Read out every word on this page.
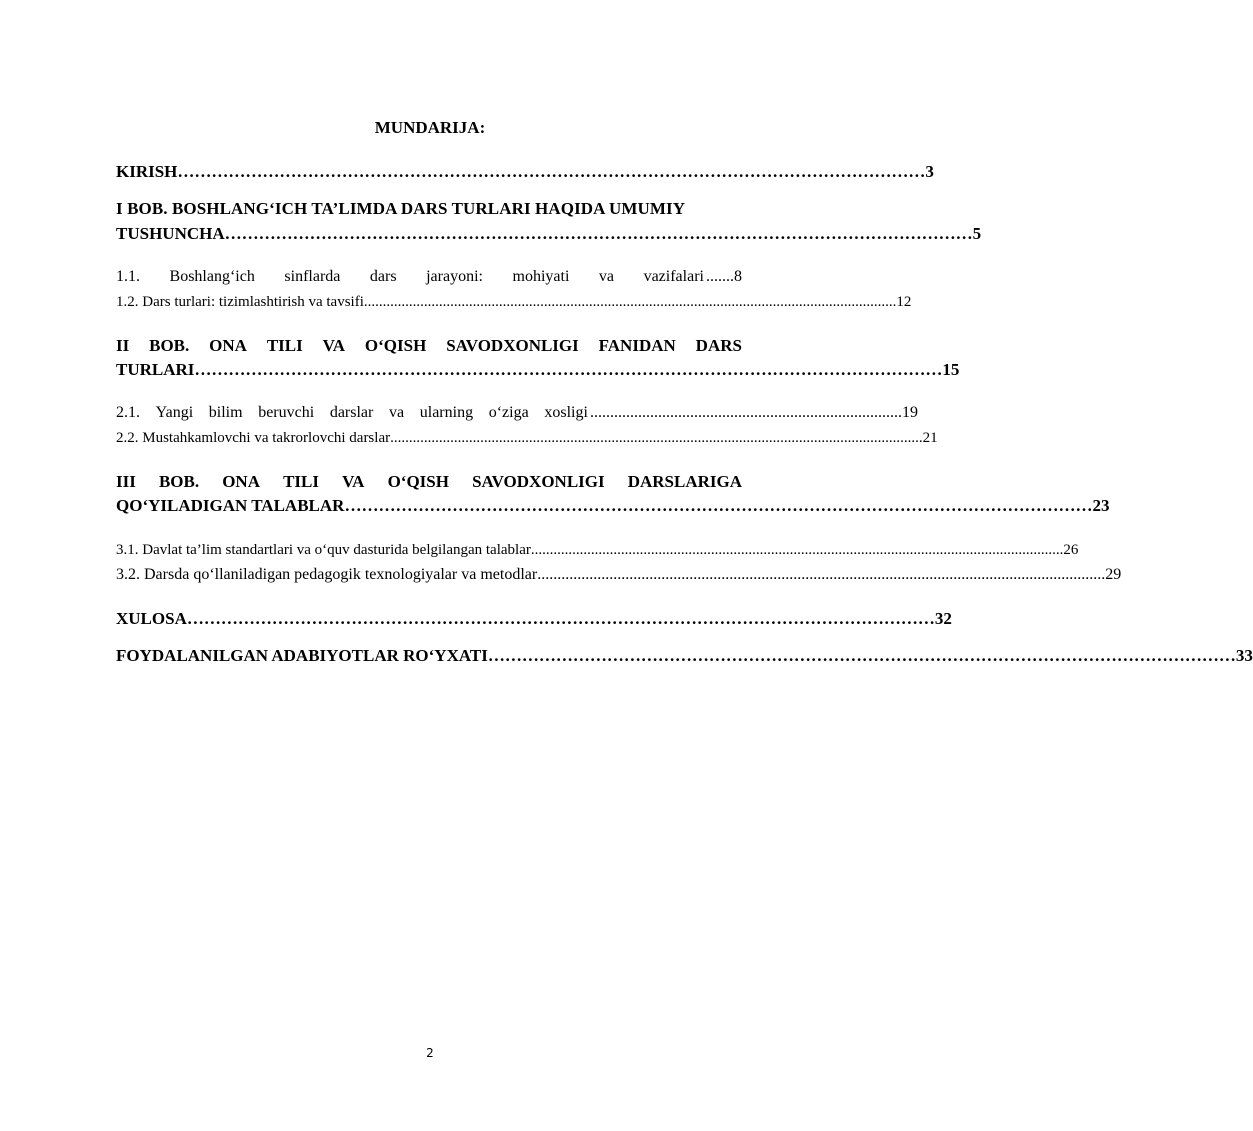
MUNDARIJA:
KIRISH …………………………………………………………………………………………………………………… 3
I BOB. BOSHLANG‘ICH TA’LIMDA DARS TURLARI HAQIDA UMUMIY
TUSHUNCHA …………………………………………………………………………………………………………………… 5
1.1. Boshlang‘ich sinflarda dars jarayoni: mohiyati va vazifalari ....... 8
1.2. Dars turlari: tizimlashtirish va tavsifi .............................................................................................................................................. 12
II BOB. ONA TILI VA O‘QISH SAVODXONLIGI FANIDAN DARS
TURLARI …………………………………………………………………………………………………………………… 15
2.1. Yangi bilim beruvchi darslar va ularning o‘ziga xosligi .............................................................................. 19
2.2. Mustahkamlovchi va takrorlovchi darslar .............................................................................................................................................. 21
III BOB. ONA TILI VA O‘QISH SAVODXONLIGI DARSLARIGA
QO‘YILADIGAN TALABLAR …………………………………………………………………………………………………………………… 23
3.1. Davlat ta’lim standartlari va o‘quv dasturida belgilangan talablar .............................................................................................................................................. 26
3.2. Darsda qo‘llaniladigan pedagogik texnologiyalar va metodlar .............................................................................................................................................. 29
XULOSA …………………………………………………………………………………………………………………… 32
FOYDALANILGAN ADABIYOTLAR RO‘YXATI …………………………………………………………………………………………………………………… 33
2
